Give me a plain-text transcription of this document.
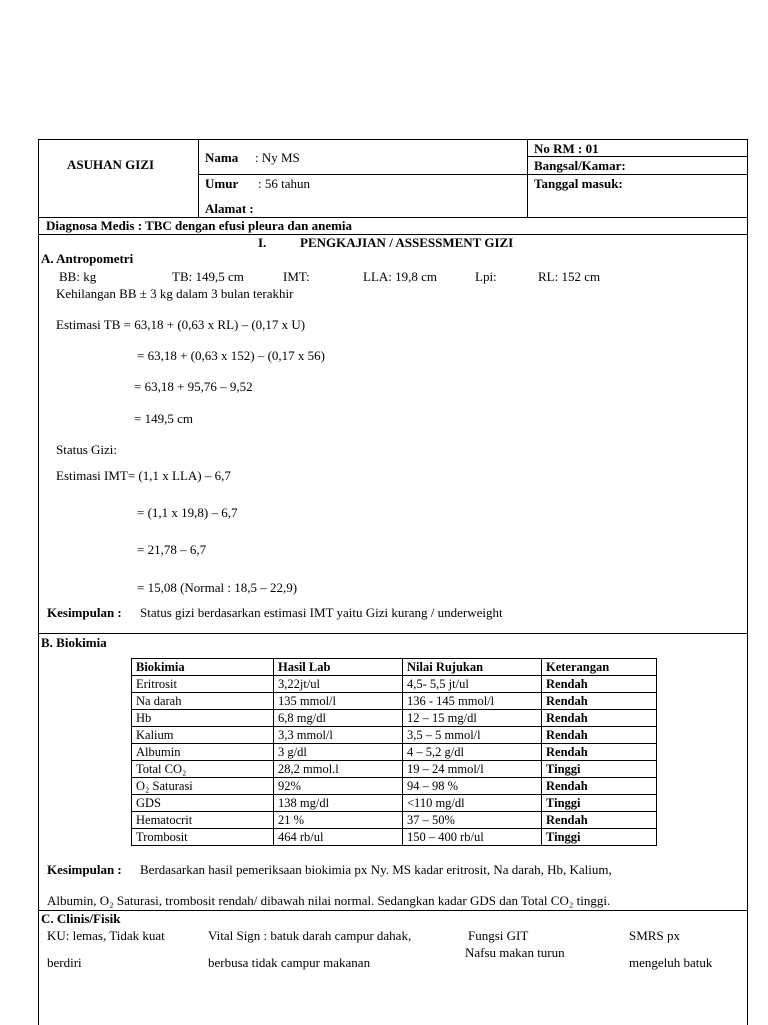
ASUHAN GIZI	Nama : Ny MS
Umur : 56 tahun
Alamat :
No RM : 01
Bangsal/Kamar:
Tanggal masuk:
Diagnosa Medis : TBC dengan efusi pleura dan anemia
I.	PENGKAJIAN / ASSESSMENT GIZI
A. Antropometri
BB: kg	TB: 149,5 cm	IMT:	LLA: 19,8 cm	Lpi:	RL: 152 cm
Kehilangan BB ± 3 kg dalam 3 bulan terakhir
Estimasi TB = 63,18 + (0,63 x RL) – (0,17 x U)
= 63,18 + (0,63 x 152) – (0,17 x 56)
= 63,18 + 95,76 – 9,52
= 149,5 cm
Status Gizi:
Estimasi IMT= (1,1 x LLA) – 6,7
= (1,1 x 19,8) – 6,7
= 21,78 – 6,7
= 15,08 (Normal : 18,5 – 22,9)
Kesimpulan : Status gizi berdasarkan estimasi IMT yaitu Gizi kurang / underweight
B. Biokimia
Biokimia	Hasil Lab	Nilai Rujukan	Keterangan
Eritrosit	3,22jt/ul	4,5- 5,5 jt/ul	Rendah
Na darah	135 mmol/l	136 - 145 mmol/l	Rendah
Hb	6,8 mg/dl	12 – 15 mg/dl	Rendah
Kalium	3,3 mmol/l	3,5 – 5 mmol/l	Rendah
Albumin	3 g/dl	4 – 5,2 g/dl	Rendah
Total CO₂	28,2 mmol.l	19 – 24 mmol/l	Tinggi
O₂ Saturasi	92%	94 – 98 %	Rendah
GDS	138 mg/dl	<110 mg/dl	Tinggi
Hematocrit	21 %	37 – 50%	Rendah
Trombosit	464 rb/ul	150 – 400 rb/ul	Tinggi
Kesimpulan : Berdasarkan hasil pemeriksaan biokimia px Ny. MS kadar eritrosit, Na darah, Hb, Kalium,
Albumin, O₂ Saturasi, trombosit rendah/ dibawah nilai normal. Sedangkan kadar GDS dan Total CO₂ tinggi.
C. Clinis/Fisik
KU: lemas, Tidak kuat
berdiri
Vital Sign : batuk darah campur dahak,
berbusa tidak campur makanan
Fungsi GIT
Nafsu makan turun
SMRS px
mengeluh batuk
